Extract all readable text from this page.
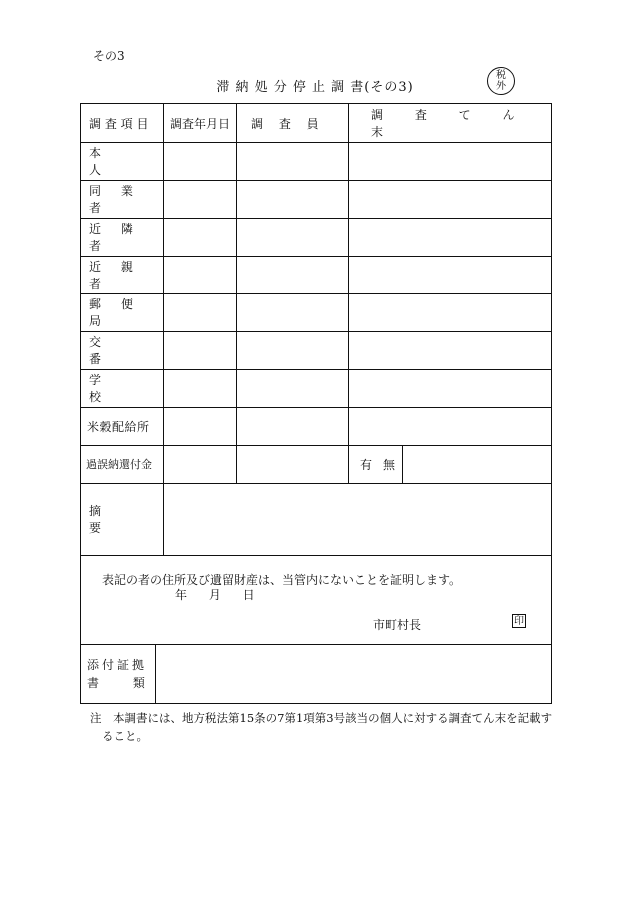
その3
滞 納 処 分 停 止 調 書(その3)
税
外
調 査 項 目 調査年月日 調 査 員
調 査 て ん 末
本 人
同 業 者
近 隣 者
近 親 者
郵 便 局
交 番
学 校
米穀配給所
過誤納還付金	有 無
摘 要
添付証拠
書 類
表記の者の住所及び遺留財産は、当管内にないことを証明します。
年 月 日
市町村長	印
注　本調書には、地方税法第15条の7第1項第3号該当の個人に対する調査てん末を記載す
ること。
